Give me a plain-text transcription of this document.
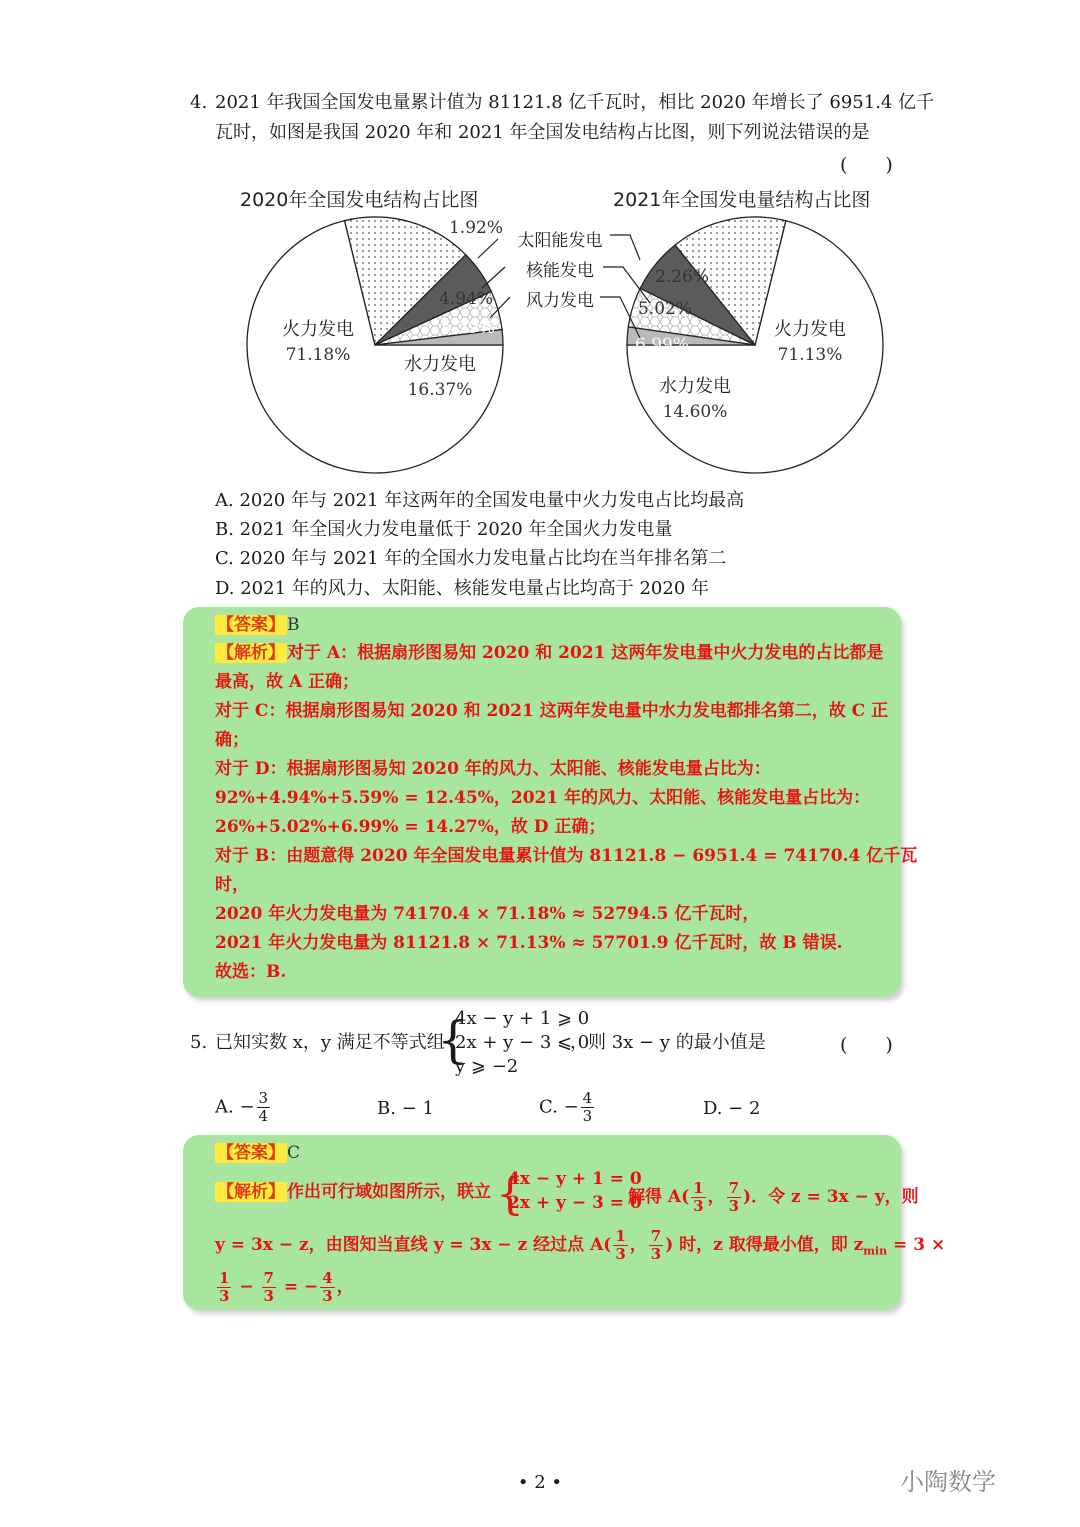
4. 2021 年我国全国发电量累计值为 81121.8 亿千瓦时，相比 2020 年增长了 6951.4 亿千
瓦时，如图是我国 2020 年和 2021 年全国发电结构占比图，则下列说法错误的是
(　　)
2020年全国发电结构占比图	2021年全国发电量结构占比图
火力发电
71.18%	水力发电
16.37%
5.59%
4.94%
1.92%
火力发电
71.13%
水力发电
14.60%
6.99%
5.02%
2.26%
太阳能发电
核能发电
风力发电
A. 2020 年与 2021 年这两年的全国发电量中火力发电占比均最高
B. 2021 年全国火力发电量低于 2020 年全国火力发电量
C. 2020 年与 2021 年的全国水力发电量占比均在当年排名第二
D. 2021 年的风力、太阳能、核能发电量占比均高于 2020 年
【答案】 B
【解析】 对于 A：根据扇形图易知 2020 和 2021 这两年发电量中火力发电的占比都是
最高，故 A 正确；
对于 C：根据扇形图易知 2020 和 2021 这两年发电量中水力发电都排名第二，故 C 正
确；
对于 D：根据扇形图易知 2020 年的风力、太阳能、核能发电量占比为：
92%+4.94%+5.59% = 12.45%，2021 年的风力、太阳能、核能发电量占比为：
26%+5.02%+6.99% = 14.27%，故 D 正确；
对于 B：由题意得 2020 年全国发电量累计值为 81121.8 − 6951.4 = 74170.4 亿千瓦
时，
2020 年火力发电量为 74170.4 × 71.18% ≈ 52794.5 亿千瓦时，
2021 年火力发电量为 81121.8 × 71.13% ≈ 57701.9 亿千瓦时，故 B 错误.
故选：B.
5. 已知实数 x，y 满足不等式组
{
4x − y + 1 ⩾ 0
2x + y − 3 ⩽ 0
y ⩾ −2
，则 3x − y 的最小值是	(　　)
A. − $\frac{3}{4}$	B. − 1	C. − $\frac{4}{3}$	D. − 2
【答案】 C
【解析】 作出可行域如图所示，联立 {
4x − y + 1 = 0
2x + y − 3 = 0
解得 $A( \frac{1}{3}$ ， $\frac{7}{3}$ )．令 z = 3x − y，则
y = 3x − z，由图知当直线 y = 3x − z 经过点 $A( \frac{1}{3}$ ， $\frac{7}{3}$ ) 时，z 取得最小值，即 $z_{min} = 3$ ×
$\frac{1}{3} - \frac{7}{3}$ = − $\frac{4}{3}$ ，
• 2 •	小陶数学
